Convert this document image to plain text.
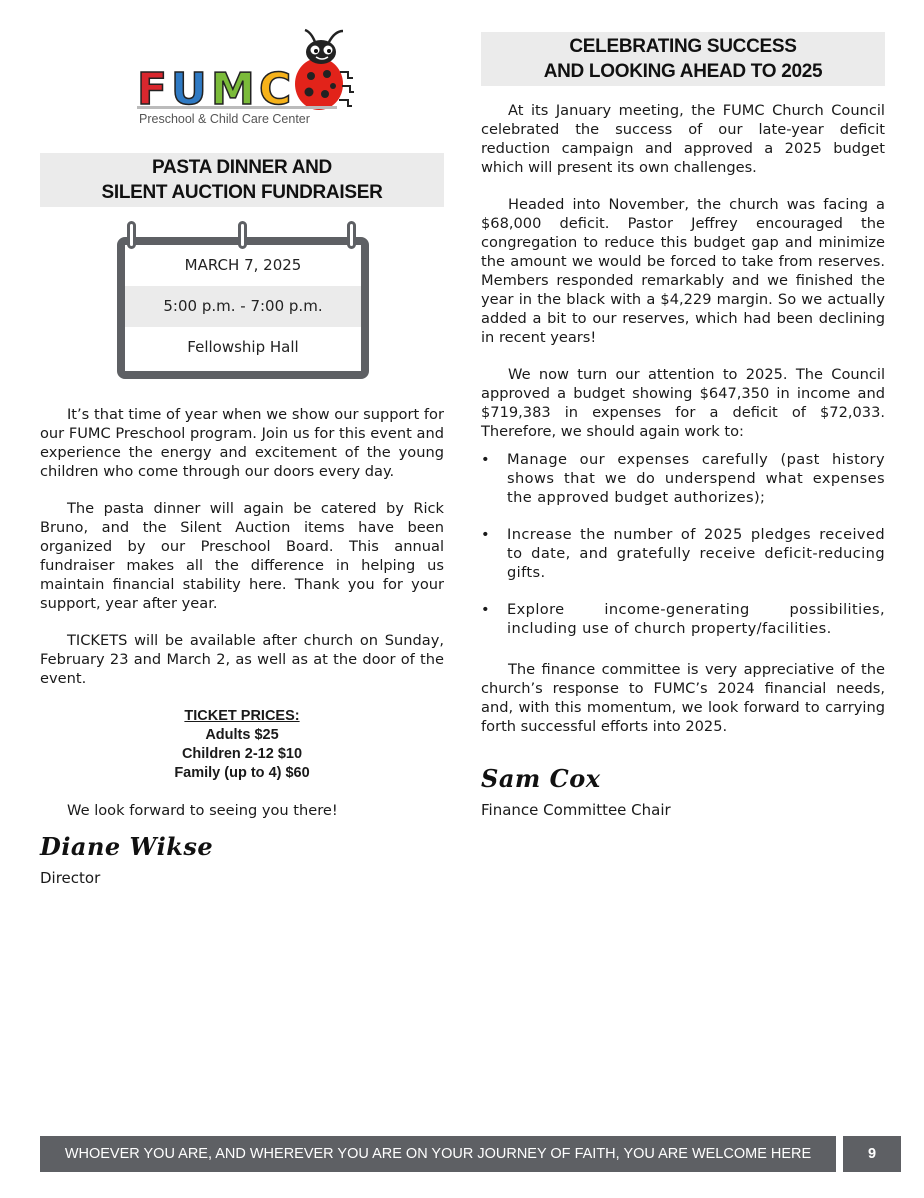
F U M C
Preschool & Child Care Center
PASTA DINNER AND
SILENT AUCTION FUNDRAISER
MARCH 7, 2025
5:00 p.m. - 7:00 p.m.
Fellowship Hall

It’s that time of year when we show our support for our FUMC Preschool program. Join us for this event and experience the energy and excitement of the young children who come through our doors every day.

The pasta dinner will again be catered by Rick Bruno, and the Silent Auction items have been organized by our Preschool Board. This annual fundraiser makes all the difference in helping us maintain financial stability here. Thank you for your support, year after year.

TICKETS will be available after church on Sunday, February 23 and March 2, as well as at the door of the event.

TICKET PRICES:
Adults $25
Children 2-12 $10
Family (up to 4) $60

We look forward to seeing you there!

Diane Wikse
Director
CELEBRATING SUCCESS
AND LOOKING AHEAD TO 2025

At its January meeting, the FUMC Church Council celebrated the success of our late-year deficit reduction campaign and approved a 2025 budget which will present its own challenges.

Headed into November, the church was facing a $68,000 deficit. Pastor Jeffrey encouraged the congregation to reduce this budget gap and minimize the amount we would be forced to take from reserves. Members responded remarkably and we finished the year in the black with a $4,229 margin. So we actually added a bit to our reserves, which had been declining in recent years!

We now turn our attention to 2025. The Council approved a budget showing $647,350 in income and $719,383 in expenses for a deficit of $72,033. Therefore, we should again work to:

• Manage our expenses carefully (past history shows that we do underspend what expenses the approved budget authorizes);
• Increase the number of 2025 pledges received to date, and gratefully receive deficit-reducing gifts.
• Explore income-generating possibilities, including use of church property/facilities.

The finance committee is very appreciative of the church’s response to FUMC’s 2024 financial needs, and, with this momentum, we look forward to carrying forth successful efforts into 2025.

Sam Cox
Finance Committee Chair
WHOEVER YOU ARE, AND WHEREVER YOU ARE ON YOUR JOURNEY OF FAITH, YOU ARE WELCOME HERE	9
